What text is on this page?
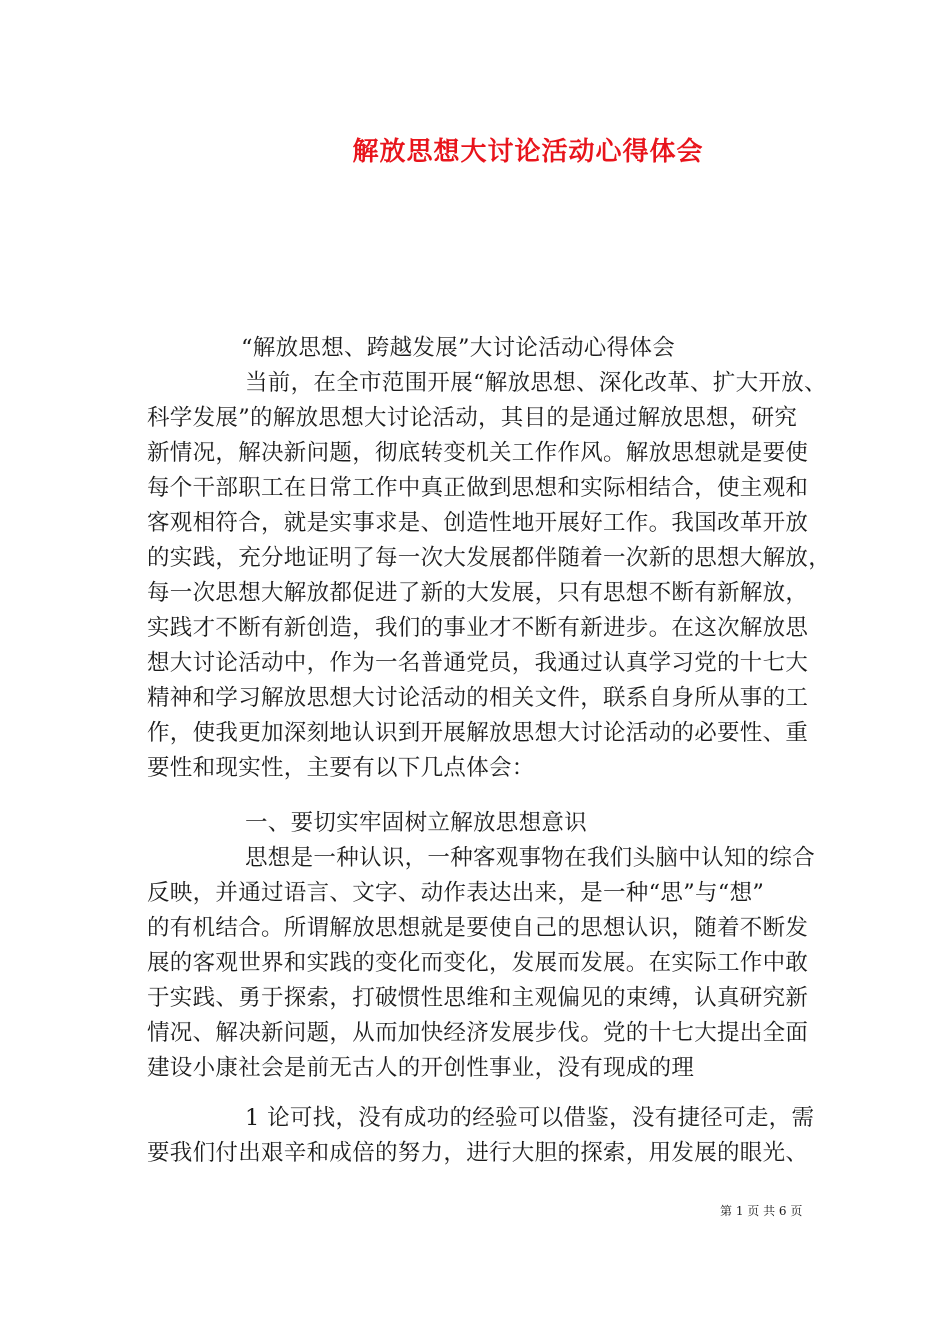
解放思想大讨论活动心得体会
“解放思想、跨越发展”大讨论活动心得体会
当前，在全市范围开展“解放思想、深化改革、扩大开放、
科学发展”的解放思想大讨论活动，其目的是通过解放思想，研究
新情况，解决新问题，彻底转变机关工作作风。解放思想就是要使
每个干部职工在日常工作中真正做到思想和实际相结合，使主观和
客观相符合，就是实事求是、创造性地开展好工作。我国改革开放
的实践，充分地证明了每一次大发展都伴随着一次新的思想大解放，
每一次思想大解放都促进了新的大发展，只有思想不断有新解放，
实践才不断有新创造，我们的事业才不断有新进步。在这次解放思
想大讨论活动中，作为一名普通党员，我通过认真学习党的十七大
精神和学习解放思想大讨论活动的相关文件，联系自身所从事的工
作，使我更加深刻地认识到开展解放思想大讨论活动的必要性、重
要性和现实性，主要有以下几点体会：
一、要切实牢固树立解放思想意识
思想是一种认识，一种客观事物在我们头脑中认知的综合
反映，并通过语言、文字、动作表达出来，是一种“思”与“想”
的有机结合。所谓解放思想就是要使自己的思想认识，随着不断发
展的客观世界和实践的变化而变化，发展而发展。在实际工作中敢
于实践、勇于探索，打破惯性思维和主观偏见的束缚，认真研究新
情况、解决新问题，从而加快经济发展步伐。党的十七大提出全面
建设小康社会是前无古人的开创性事业，没有现成的理
1 论可找，没有成功的经验可以借鉴，没有捷径可走，需
要我们付出艰辛和成倍的努力，进行大胆的探索，用发展的眼光、
第 1 页 共 6 页
